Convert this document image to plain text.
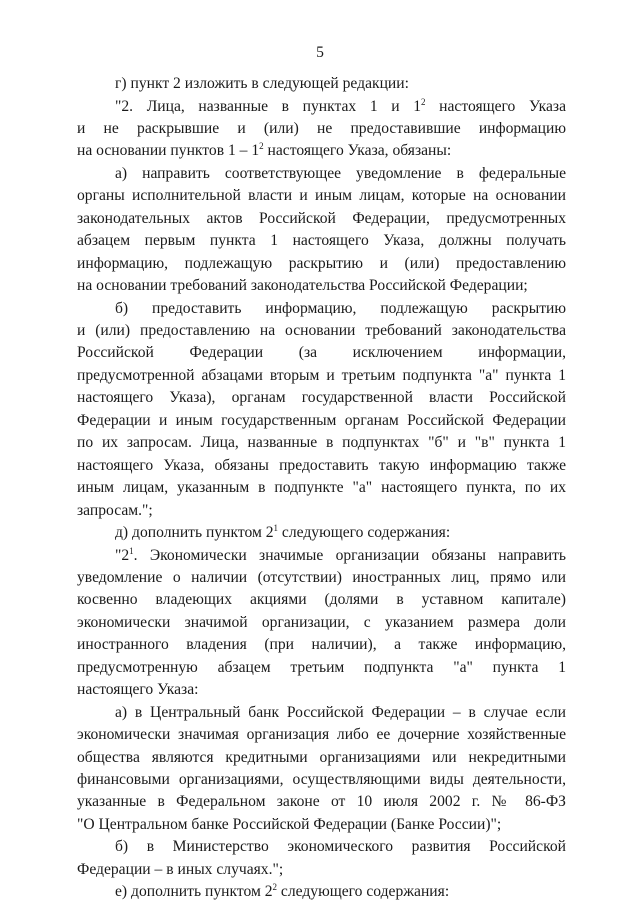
5
г) пункт 2 изложить в следующей редакции:
"2. Лица, названные в пунктах 1 и $1^2$ настоящего Указа
и не раскрывшие и (или) не предоставившие информацию
на основании пунктов $1 - 1^2$ настоящего Указа, обязаны:
а) направить соответствующее уведомление в федеральные
органы исполнительной власти и иным лицам, которые на основании
законодательных актов Российской Федерации, предусмотренных
абзацем первым пункта 1 настоящего Указа, должны получать
информацию, подлежащую раскрытию и (или) предоставлению
на основании требований законодательства Российской Федерации;
б) предоставить информацию, подлежащую раскрытию
и (или) предоставлению на основании требований законодательства
Российской Федерации (за исключением информации,
предусмотренной абзацами вторым и третьим подпункта "а" пункта 1
настоящего Указа), органам государственной власти Российской
Федерации и иным государственным органам Российской Федерации
по их запросам. Лица, названные в подпунктах "б" и "в" пункта 1
настоящего Указа, обязаны предоставить такую информацию также
иным лицам, указанным в подпункте "а" настоящего пункта, по их
запросам.";
д) дополнить пунктом $2^1$ следующего содержания:
"$2^1$. Экономически значимые организации обязаны направить
уведомление о наличии (отсутствии) иностранных лиц, прямо или
косвенно владеющих акциями (долями в уставном капитале)
экономически значимой организации, с указанием размера доли
иностранного владения (при наличии), а также информацию,
предусмотренную абзацем третьим подпункта "а" пункта 1
настоящего Указа:
а) в Центральный банк Российской Федерации – в случае если
экономически значимая организация либо ее дочерние хозяйственные
общества являются кредитными организациями или некредитными
финансовыми организациями, осуществляющими виды деятельности,
указанные в Федеральном законе от 10 июля 2002 г. № 86-ФЗ
"О Центральном банке Российской Федерации (Банке России)";
б) в Министерство экономического развития Российской
Федерации – в иных случаях.";
е) дополнить пунктом $2^2$ следующего содержания:
